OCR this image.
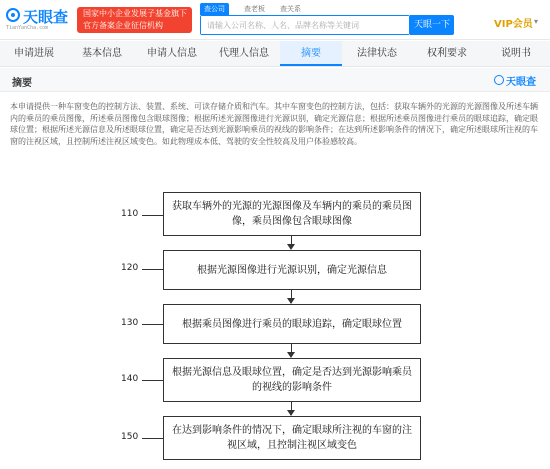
天眼查
TianYanCha.com
国家中小企业发展子基金旗下
官方备案企业征信机构
查公司	查老板	查关系
请输入公司名称、人名、品牌名称等关键词
天眼一下	VIP会员 ▾
申请进展	基本信息	申请人信息	代理人信息	摘要	法律状态	权利要求	说明书
摘要	天眼查
本申请提供一种车窗变色的控制方法、装置、系统、可读存储介质和汽车。其中车窗变色的控制方法，包括：获取车辆外的光源的光源图像及所述车辆内的乘员的乘员图像，所述乘员图像包含眼球图像；根据所述光源图像进行光源识别，确定光源信息；根据所述乘员图像进行乘员的眼球追踪，确定眼球位置；根据所述光源信息及所述眼球位置，确定是否达到光源影响乘员的视线的影响条件；在达到所述影响条件的情况下，确定所述眼球所注视的车窗的注视区域，且控制所述注视区域变色。如此物理成本低、驾驶的安全性较高及用户体验感较高。
110
获取车辆外的光源的光源图像及车辆内的乘员的乘员图像，乘员图像包含眼球图像
120	根据光源图像进行光源识别，确定光源信息
130	根据乘员图像进行乘员的眼球追踪，确定眼球位置
140
根据光源信息及眼球位置，确定是否达到光源影响乘员的视线的影响条件
150
在达到影响条件的情况下，确定眼球所注视的车窗的注视区域，且控制注视区域变色
